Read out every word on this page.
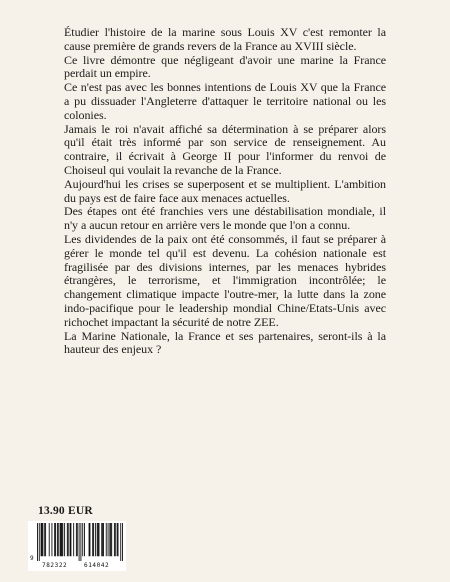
Étudier l'histoire de la marine sous Louis XV c'est remonter la cause première de grands revers de la France au XVIII siècle.

Ce livre démontre que négligeant d'avoir une marine la France perdait un empire.

Ce n'est pas avec les bonnes intentions de Louis XV que la France a pu dissuader l'Angleterre d'attaquer le territoire national ou les colonies.

Jamais le roi n'avait affiché sa détermination à se préparer alors qu'il était très informé par son service de renseignement. Au contraire, il écrivait à George II pour l'informer du renvoi de Choiseul qui voulait la revanche de la France.

Aujourd'hui les crises se superposent et se multiplient. L'ambition du pays est de faire face aux menaces actuelles.

Des étapes ont été franchies vers une déstabilisation mondiale, il n'y a aucun retour en arrière vers le monde que l'on a connu.

Les dividendes de la paix ont été consommés, il faut se préparer à gérer le monde tel qu'il est devenu. La cohésion nationale est fragilisée par des divisions internes, par les menaces hybrides étrangères, le terrorisme, et l'immigration incontrôlée; le changement climatique impacte l'outre-mer, la lutte dans la zone indo-pacifique pour le leadership mondial Chine/Etats-Unis avec richochet impactant la sécurité de notre ZEE.

La Marine Nationale, la France et ses partenaires, seront-ils à la hauteur des enjeux ?

13.90 EUR
9
782322	614042
